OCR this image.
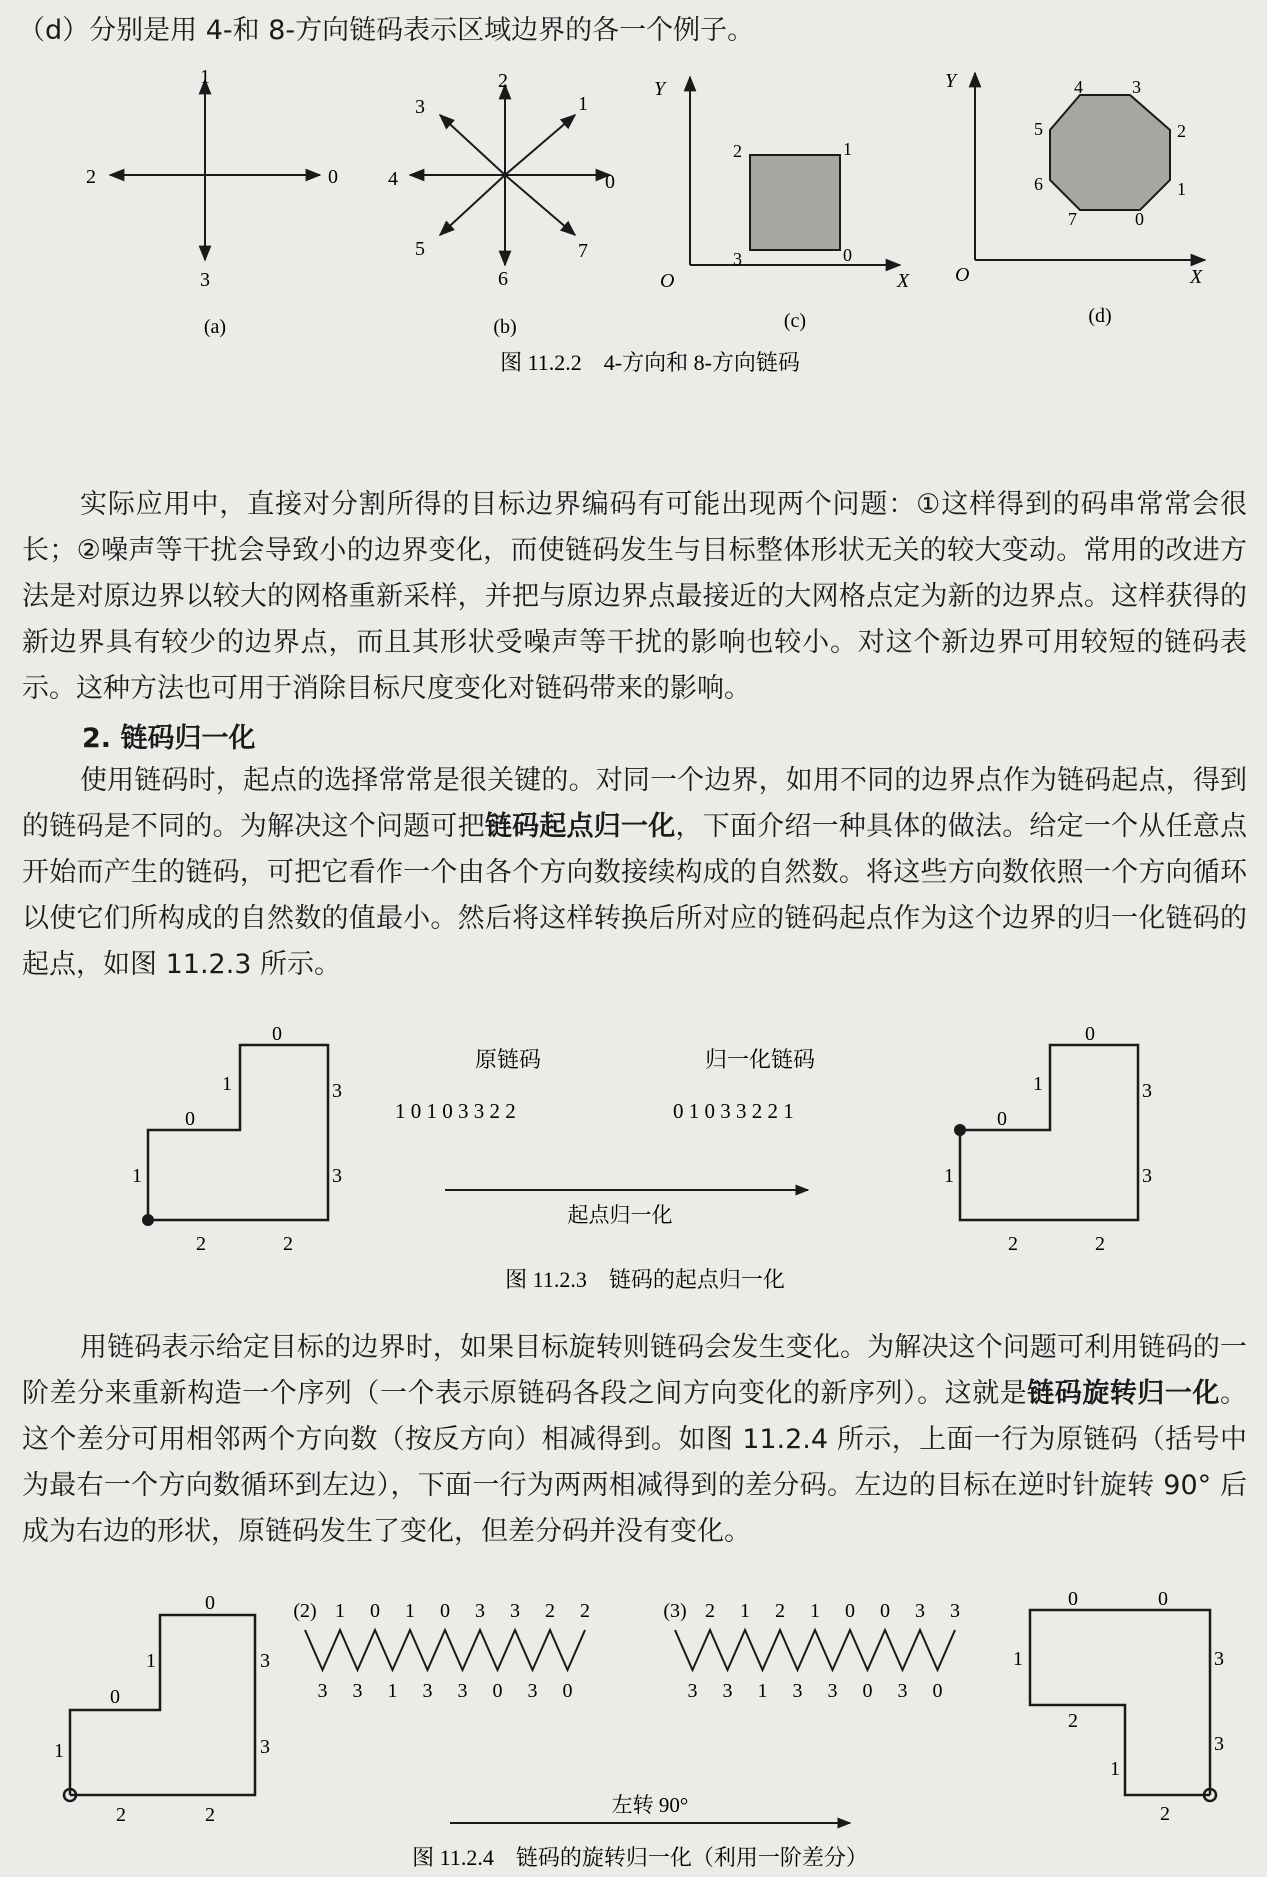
（d）分别是用 4-和 8-方向链码表示区域边界的各一个例子。
0
1
2
3
(a)
0
1
2
3
4
5
6
7
(b)
Y
X
O
0
1
2
3
(c)
Y
X
O
0
1
2
3
4
5
6
7
(d)
图 11.2.2　4-方向和 8-方向链码

实际应用中，直接对分割所得的目标边界编码有可能出现两个问题：①这样得到的码串常常会很长；②噪声等干扰会导致小的边界变化，而使链码发生与目标整体形状无关的较大变动。常用的改进方法是对原边界以较大的网格重新采样，并把与原边界点最接近的大网格点定为新的边界点。这样获得的新边界具有较少的边界点，而且其形状受噪声等干扰的影响也较小。对这个新边界可用较短的链码表示。这种方法也可用于消除目标尺度变化对链码带来的影响。

2. 链码归一化

使用链码时，起点的选择常常是很关键的。对同一个边界，如用不同的边界点作为链码起点，得到的链码是不同的。为解决这个问题可把链码起点归一化，下面介绍一种具体的做法。给定一个从任意点开始而产生的链码，可把它看作一个由各个方向数接续构成的自然数。将这些方向数依照一个方向循环以使它们所构成的自然数的值最小。然后将这样转换后所对应的链码起点作为这个边界的归一化链码的起点，如图 11.2.3 所示。

0
1
0
3
3
1
2	2
原链码
1 0 1 0 3 3 2 2
归一化链码
0 1 0 3 3 2 2 1
起点归一化
0
1
0
3
3
1
2	2
图 11.2.3　链码的起点归一化

用链码表示给定目标的边界时，如果目标旋转则链码会发生变化。为解决这个问题可利用链码的一阶差分来重新构造一个序列（一个表示原链码各段之间方向变化的新序列）。这就是链码旋转归一化。这个差分可用相邻两个方向数（按反方向）相减得到。如图 11.2.4 所示，上面一行为原链码（括号中为最右一个方向数循环到左边），下面一行为两两相减得到的差分码。左边的目标在逆时针旋转 90° 后成为右边的形状，原链码发生了变化，但差分码并没有变化。

0
1
0
3
3
1
2	2
(2) 1 0 1 0 3 3 2 2
3 3 1 3 3 0 3 0
(3) 2 1 2 1 0 0 3 3
3 3 1 3 3 0 3 0
左转 90°
0	0
3
3
1
2
1
2
图 11.2.4　链码的旋转归一化（利用一阶差分）
